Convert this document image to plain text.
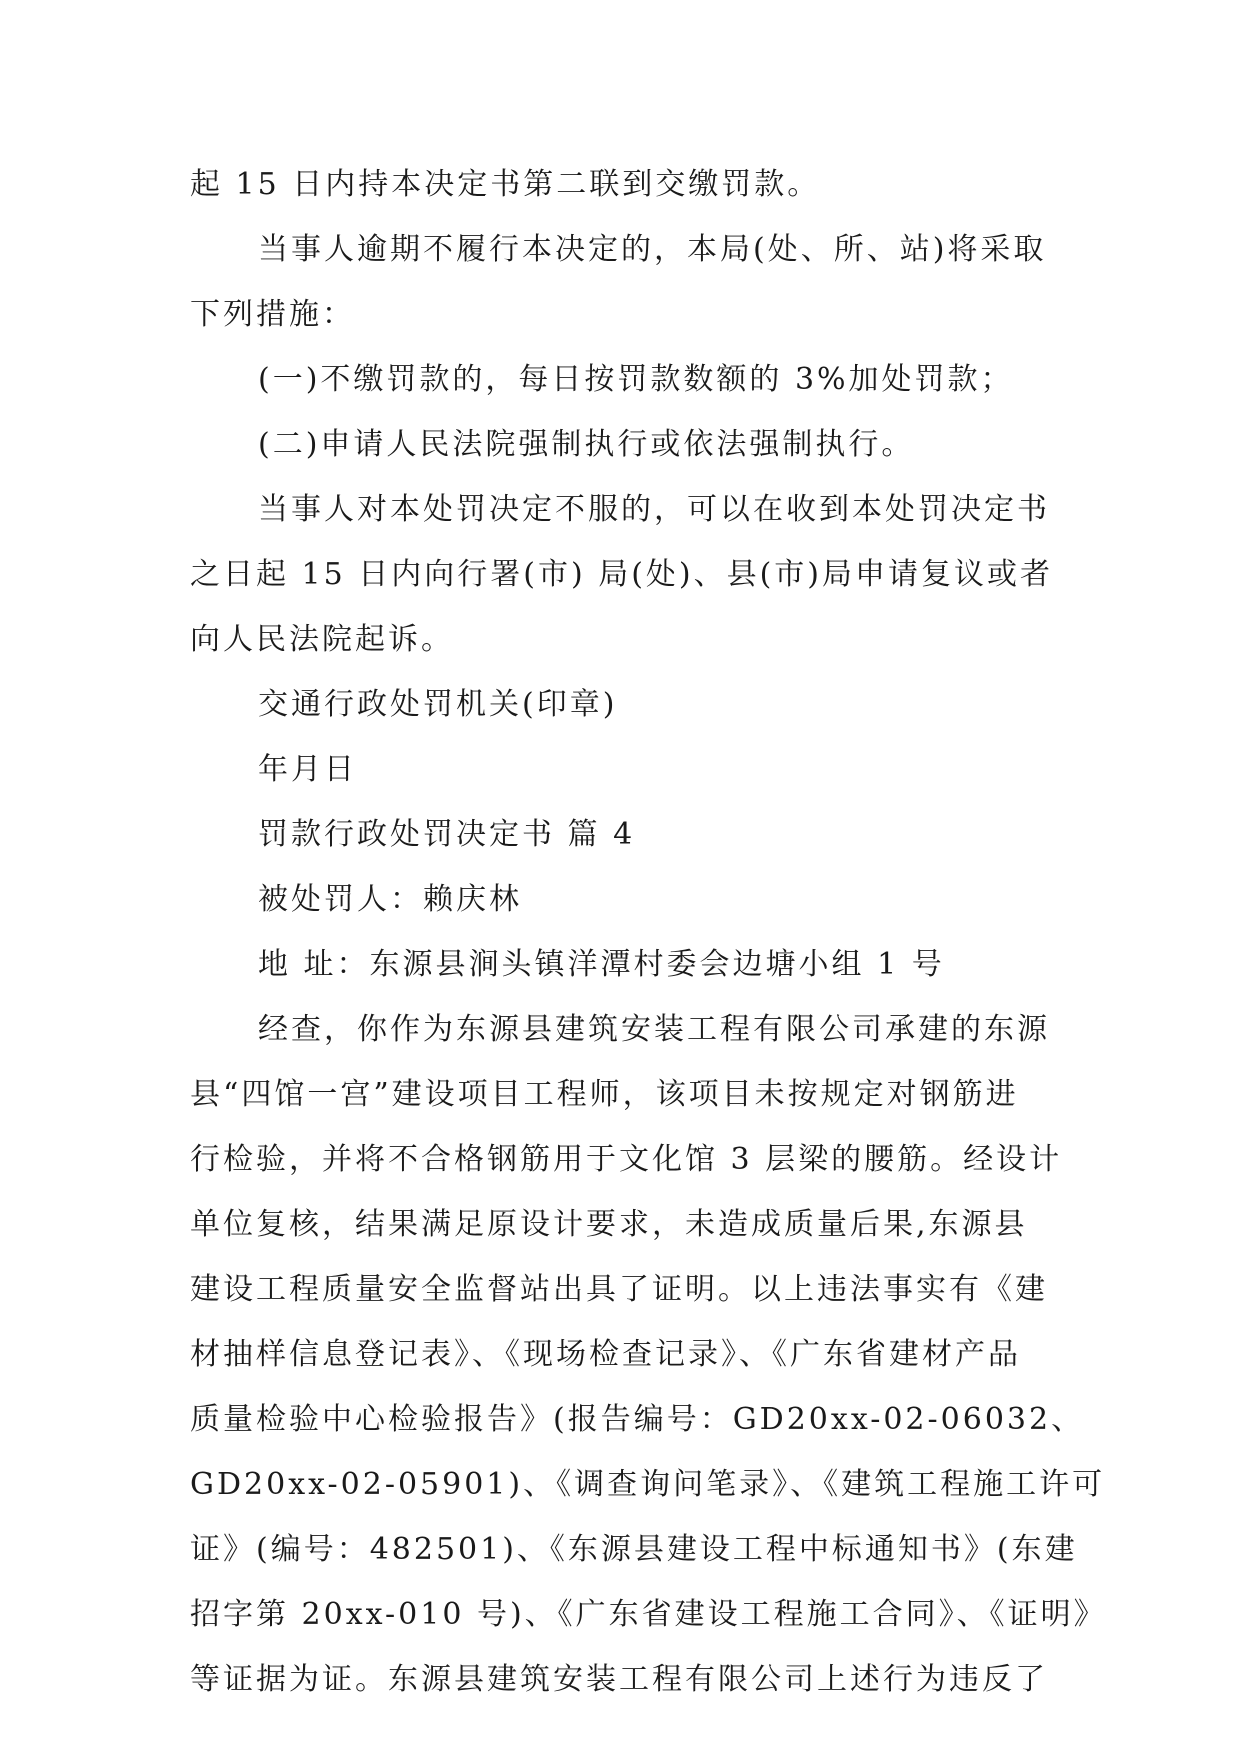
起 15 日内持本决定书第二联到交缴罚款。
当事人逾期不履行本决定的，本局(处、所、站)将采取
下列措施：
(一)不缴罚款的，每日按罚款数额的 3%加处罚款；
(二)申请人民法院强制执行或依法强制执行。
当事人对本处罚决定不服的，可以在收到本处罚决定书
之日起 15 日内向行署(市) 局(处)、县(市)局申请复议或者
向人民法院起诉。
交通行政处罚机关(印章)
年月日
罚款行政处罚决定书 篇 4
被处罚人：赖庆林
地 址：东源县涧头镇洋潭村委会边塘小组 1 号
经查，你作为东源县建筑安装工程有限公司承建的东源
县“四馆一宫”建设项目工程师，该项目未按规定对钢筋进
行检验，并将不合格钢筋用于文化馆 3 层梁的腰筋。经设计
单位复核，结果满足原设计要求，未造成质量后果,东源县
建设工程质量安全监督站出具了证明。以上违法事实有《建
材抽样信息登记表》、《现场检查记录》、《广东省建材产品
质量检验中心检验报告》(报告编号：GD20xx-02-06032、
GD20xx-02-05901)、《调查询问笔录》、《建筑工程施工许可
证》(编号：482501)、《东源县建设工程中标通知书》(东建
招字第 20xx-010 号)、《广东省建设工程施工合同》、《证明》
等证据为证。东源县建筑安装工程有限公司上述行为违反了
